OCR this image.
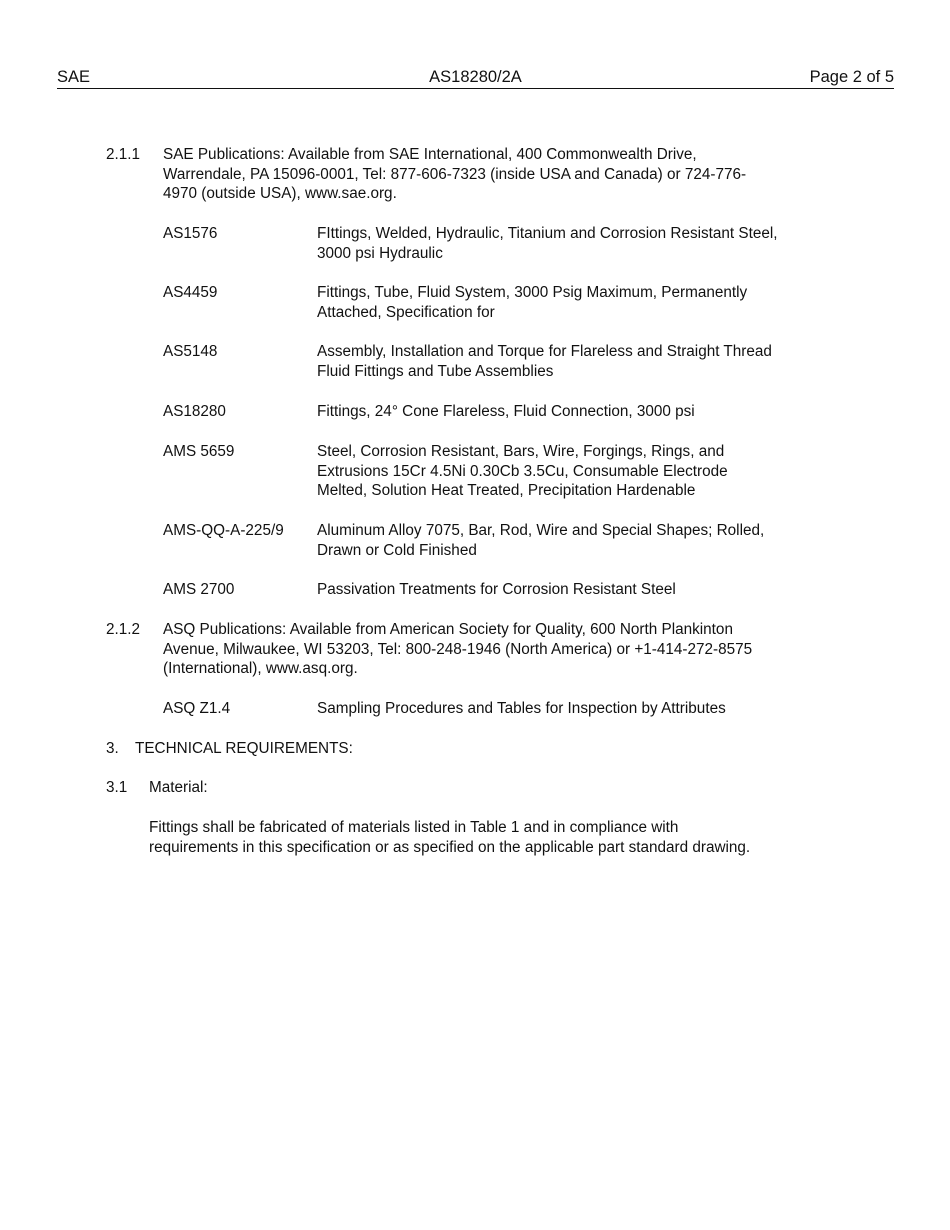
SAE	AS18280/2A	Page 2 of 5
2.1.1 SAE Publications: Available from SAE International, 400 Commonwealth Drive,
Warrendale, PA 15096-0001, Tel: 877-606-7323 (inside USA and Canada) or 724-776-
4970 (outside USA), www.sae.org.
AS1576	FIttings, Welded, Hydraulic, Titanium and Corrosion Resistant Steel,
3000 psi Hydraulic
AS4459	Fittings, Tube, Fluid System, 3000 Psig Maximum, Permanently
Attached, Specification for
AS5148	Assembly, Installation and Torque for Flareless and Straight Thread
Fluid Fittings and Tube Assemblies
AS18280	Fittings, 24° Cone Flareless, Fluid Connection, 3000 psi
AMS 5659	Steel, Corrosion Resistant, Bars, Wire, Forgings, Rings, and
Extrusions 15Cr 4.5Ni 0.30Cb 3.5Cu, Consumable Electrode
Melted, Solution Heat Treated, Precipitation Hardenable
AMS-QQ-A-225/9 Aluminum Alloy 7075, Bar, Rod, Wire and Special Shapes; Rolled,
Drawn or Cold Finished
AMS 2700	Passivation Treatments for Corrosion Resistant Steel
2.1.2 ASQ Publications: Available from American Society for Quality, 600 North Plankinton
Avenue, Milwaukee, WI 53203, Tel: 800-248-1946 (North America) or +1-414-272-8575
(International), www.asq.org.
ASQ Z1.4	Sampling Procedures and Tables for Inspection by Attributes
3. TECHNICAL REQUIREMENTS:
3.1 Material:
Fittings shall be fabricated of materials listed in Table 1 and in compliance with
requirements in this specification or as specified on the applicable part standard drawing.
